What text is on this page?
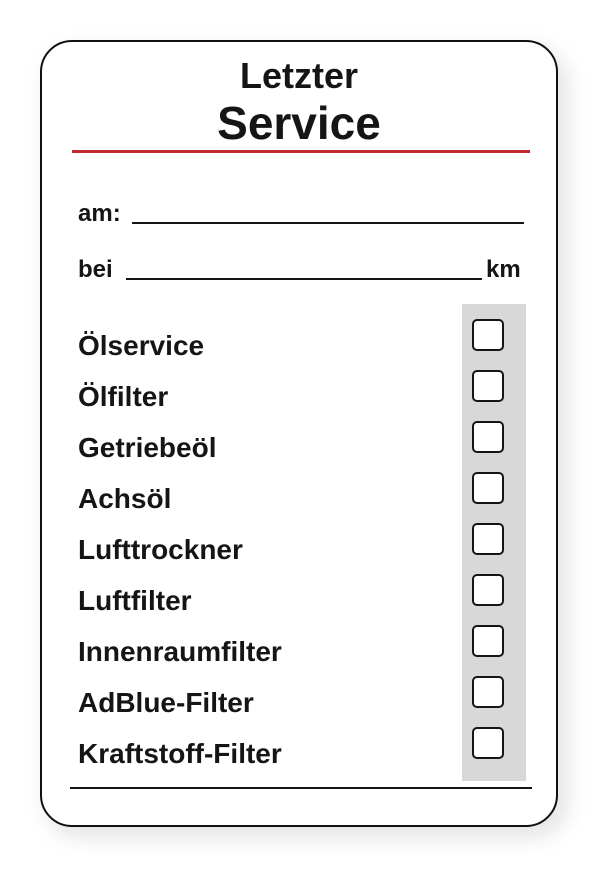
Letzter
Service
am:
bei	km
Ölservice
Ölfilter
Getriebeöl
Achsöl
Lufttrockner
Luftfilter
Innenraumfilter
AdBlue-Filter
Kraftstoff-Filter
